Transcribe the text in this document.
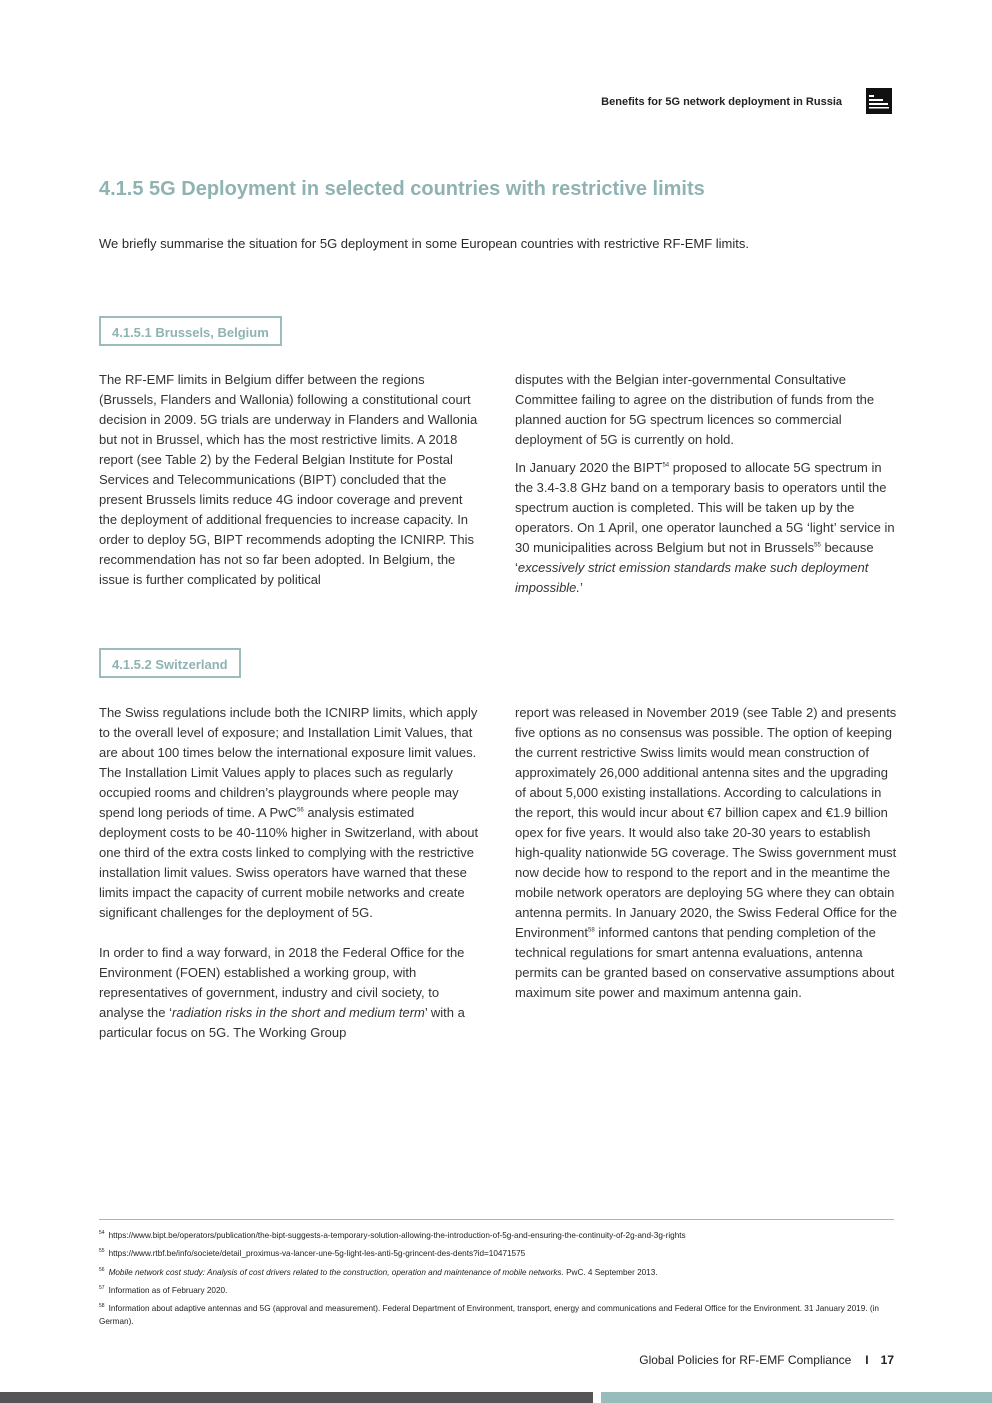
Benefits for 5G network deployment in Russia
4.1.5 5G Deployment in selected countries with restrictive limits

We briefly summarise the situation for 5G deployment in some European countries with restrictive RF-EMF limits.

4.1.5.1 Brussels, Belgium

The RF-EMF limits in Belgium differ between the regions (Brussels, Flanders and Wallonia) following a constitutional court decision in 2009. 5G trials are underway in Flanders and Wallonia but not in Brussel, which has the most restrictive limits. A 2018 report (see Table 2) by the Federal Belgian Institute for Postal Services and Telecommunications (BIPT) concluded that the present Brussels limits reduce 4G indoor coverage and prevent the deployment of additional frequencies to increase capacity. In order to deploy 5G, BIPT recommends adopting the ICNIRP. This recommendation has not so far been adopted. In Belgium, the issue is further complicated by political

disputes with the Belgian inter-governmental Consultative Committee failing to agree on the distribution of funds from the planned auction for 5G spectrum licences so commercial deployment of 5G is currently on hold.

In January 2020 the BIPT$^{54}$ proposed to allocate 5G spectrum in the 3.4-3.8 GHz band on a temporary basis to operators until the spectrum auction is completed. This will be taken up by the operators. On 1 April, one operator launched a 5G ‘light’ service in 30 municipalities across Belgium but not in Brussels$^{55}$ because ‘excessively strict emission standards make such deployment impossible.’

4.1.5.2 Switzerland

The Swiss regulations include both the ICNIRP limits, which apply to the overall level of exposure; and Installation Limit Values, that are about 100 times below the international exposure limit values. The Installation Limit Values apply to places such as regularly occupied rooms and children’s playgrounds where people may spend long periods of time. A PwC$^{56}$ analysis estimated deployment costs to be 40-110% higher in Switzerland, with about one third of the extra costs linked to complying with the restrictive installation limit values. Swiss operators have warned that these limits impact the capacity of current mobile networks and create significant challenges for the deployment of 5G.

In order to find a way forward, in 2018 the Federal Office for the Environment (FOEN) established a working group, with representatives of government, industry and civil society, to analyse the ‘radiation risks in the short and medium term’ with a particular focus on 5G. The Working Group

report was released in November 2019 (see Table 2) and presents five options as no consensus was possible. The option of keeping the current restrictive Swiss limits would mean construction of approximately 26,000 additional antenna sites and the upgrading of about 5,000 existing installations. According to calculations in the report, this would incur about €7 billion capex and €1.9 billion opex for five years. It would also take 20-30 years to establish high-quality nationwide 5G coverage. The Swiss government must now decide how to respond to the report and in the meantime the mobile network operators are deploying 5G where they can obtain antenna permits. In January 2020, the Swiss Federal Office for the Environment$^{58}$ informed cantons that pending completion of the technical regulations for smart antenna evaluations, antenna permits can be granted based on conservative assumptions about maximum site power and maximum antenna gain.

$^{54}$ https://www.bipt.be/operators/publication/the-bipt-suggests-a-temporary-solution-allowing-the-introduction-of-5g-and-ensuring-the-continuity-of-2g-and-3g-rights

$^{55}$ https://www.rtbf.be/info/societe/detail_proximus-va-lancer-une-5g-light-les-anti-5g-grincent-des-dents?id=10471575

$^{56}$ Mobile network cost study: Analysis of cost drivers related to the construction, operation and maintenance of mobile networks. PwC. 4 September 2013.

$^{57}$ Information as of February 2020.

$^{58}$ Information about adaptive antennas and 5G (approval and measurement). Federal Department of Environment, transport, energy and communications and Federal Office for the Environment. 31 January 2019. (in German).

Global Policies for RF-EMF Compliance I 17
